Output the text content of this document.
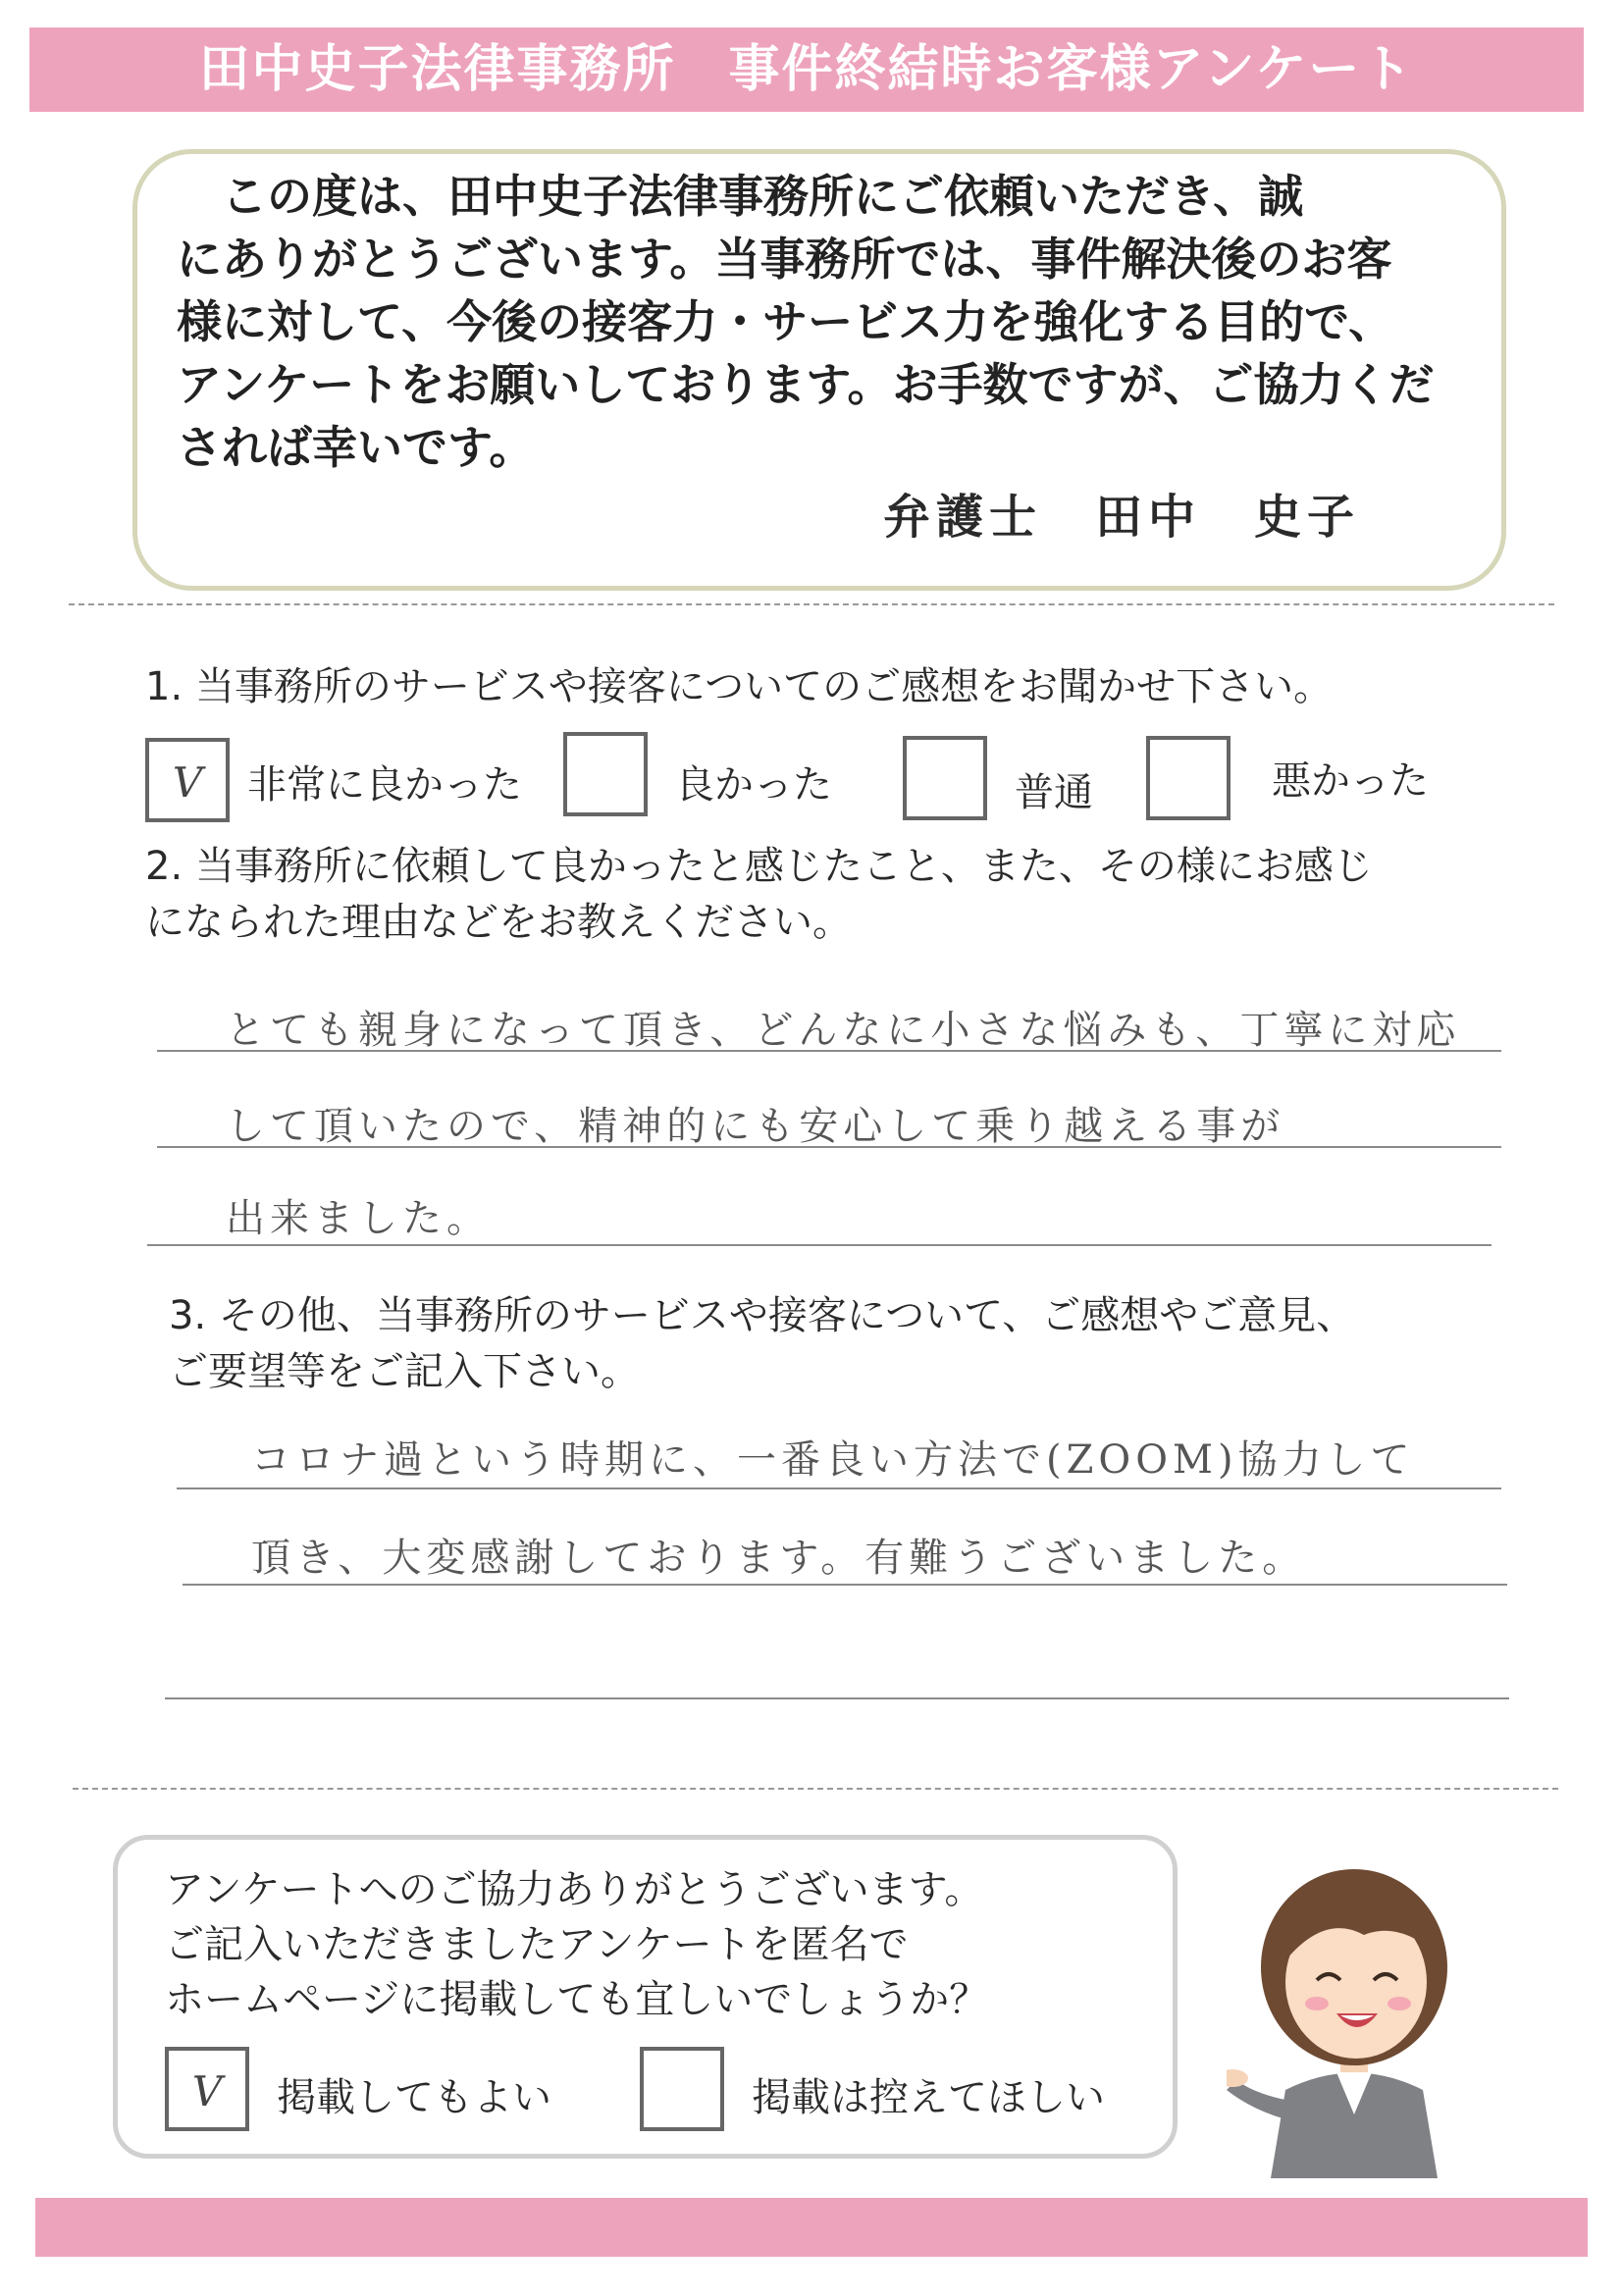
田中史子法律事務所　事件終結時お客様アンケート
　この度は、田中史子法律事務所にご依頼いただき、誠
にありがとうございます。当事務所では、事件解決後のお客
様に対して、今後の接客力・サービス力を強化する目的で、
アンケートをお願いしております。お手数ですが、ご協力くだ
されば幸いです。
弁護士　田中　史子
1. 当事務所のサービスや接客についてのご感想をお聞かせ下さい。
V	非常に良かった	良かった	普通	悪かった
2. 当事務所に依頼して良かったと感じたこと、また、その様にお感じ
になられた理由などをお教えください。
とても親身になって頂き、どんなに小さな悩みも、丁寧に対応
して頂いたので、精神的にも安心して乗り越える事が
出来ました。
3. その他、当事務所のサービスや接客について、ご感想やご意見、
ご要望等をご記入下さい。
コロナ過という時期に、一番良い方法で(ZOOM)協力して
頂き、大変感謝しております。有難うございました。
アンケートへのご協力ありがとうございます。
ご記入いただきましたアンケートを匿名で
ホームページに掲載しても宜しいでしょうか？
V	掲載してもよい	掲載は控えてほしい
